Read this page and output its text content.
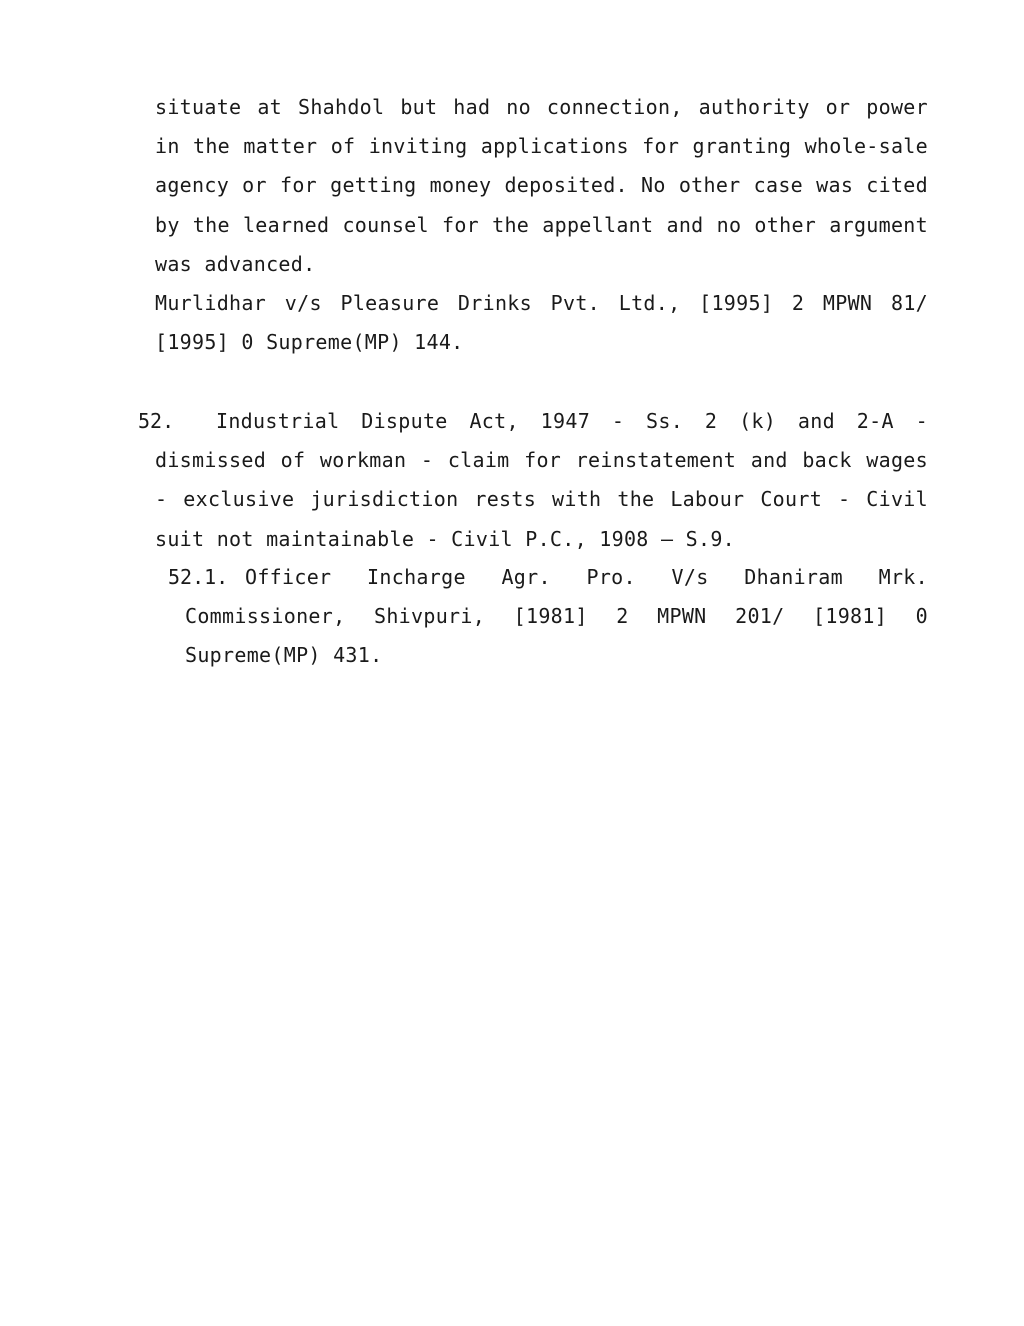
situate at Shahdol but had no connection, authority or power in the matter of inviting applications for granting whole-sale agency or for getting money deposited. No other case was cited by the learned counsel for the appellant and no other argument was advanced.
Murlidhar v/s Pleasure Drinks Pvt. Ltd., [1995] 2 MPWN 81/ [1995] 0 Supreme(MP) 144.
52.	Industrial Dispute Act, 1947 - Ss. 2 (k) and 2-A - dismissed of workman - claim for reinstatement and back wages - exclusive jurisdiction rests with the Labour Court - Civil suit not maintainable - Civil P.C., 1908 – S.9.
52.1. Officer Incharge Agr. Pro. V/s Dhaniram Mrk. Commissioner, Shivpuri, [1981] 2 MPWN 201/ [1981] 0 Supreme(MP) 431.
